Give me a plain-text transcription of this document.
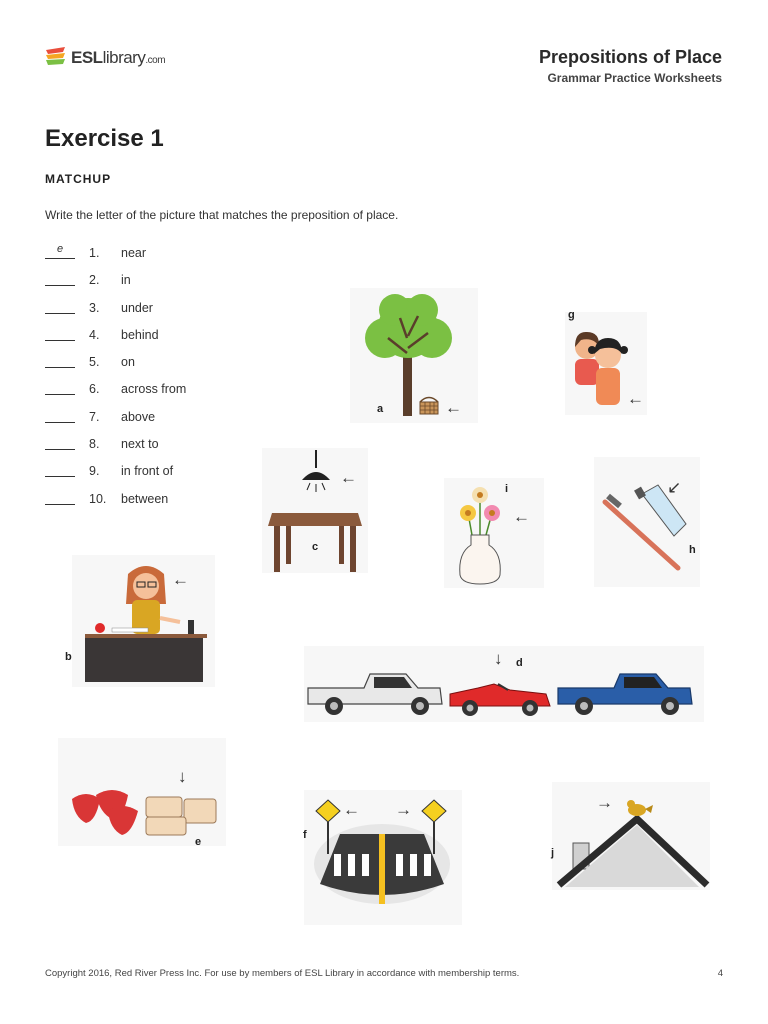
ESLlibrary.com	Prepositions of Place
Grammar Practice Worksheets
Exercise 1
MATCHUP
Write the letter of the picture that matches the preposition of place.
e	1. near
2. in
3. under
4. behind
5. on
6. across from
7. above
8. next to
9. in front of
10. between
←
a
←
g
←
c
←
i	↙
h
←
b	↓ d
↓
e
← →
f
→
j
Copyright 2016, Red River Press Inc. For use by members of ESL Library in accordance with membership terms.	4
